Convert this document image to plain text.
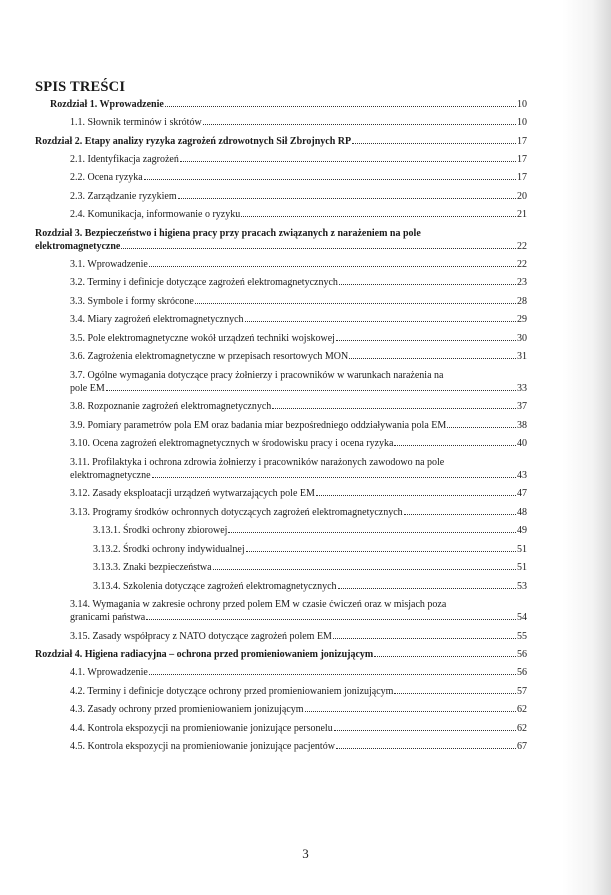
SPIS TREŚCI
Rozdział 1. Wprowadzenie	10
1.1. Słownik terminów i skrótów	10
Rozdział 2. Etapy analizy ryzyka zagrożeń zdrowotnych Sił Zbrojnych RP	17
2.1. Identyfikacja zagrożeń	17
2.2. Ocena ryzyka	17
2.3. Zarządzanie ryzykiem	20
2.4. Komunikacja, informowanie o ryzyku	21
Rozdział 3. Bezpieczeństwo i higiena pracy przy pracach związanych z narażeniem na pole
elektromagnetyczne	22
3.1. Wprowadzenie	22
3.2. Terminy i definicje dotyczące zagrożeń elektromagnetycznych	23
3.3. Symbole i formy skrócone	28
3.4. Miary zagrożeń elektromagnetycznych	29
3.5. Pole elektromagnetyczne wokół urządzeń techniki wojskowej	30
3.6. Zagrożenia elektromagnetyczne w przepisach resortowych MON	31
3.7. Ogólne wymagania dotyczące pracy żołnierzy i pracowników w warunkach narażenia na
pole EM	33
3.8. Rozpoznanie zagrożeń elektromagnetycznych	37
3.9. Pomiary parametrów pola EM oraz badania miar bezpośredniego oddziaływania pola EM	38
3.10. Ocena zagrożeń elektromagnetycznych w środowisku pracy i ocena ryzyka	40
3.11. Profilaktyka i ochrona zdrowia żołnierzy i pracowników narażonych zawodowo na pole
elektromagnetyczne	43
3.12. Zasady eksploatacji urządzeń wytwarzających pole EM	47
3.13. Programy środków ochronnych dotyczących zagrożeń elektromagnetycznych	48
3.13.1. Środki ochrony zbiorowej	49
3.13.2. Środki ochrony indywidualnej	51
3.13.3. Znaki bezpieczeństwa	51
3.13.4. Szkolenia dotyczące zagrożeń elektromagnetycznych	53
3.14. Wymagania w zakresie ochrony przed polem EM w czasie ćwiczeń oraz w misjach poza
granicami państwa	54
3.15. Zasady współpracy z NATO dotyczące zagrożeń polem EM	55
Rozdział 4. Higiena radiacyjna – ochrona przed promieniowaniem jonizującym	56
4.1. Wprowadzenie	56
4.2. Terminy i definicje dotyczące ochrony przed promieniowaniem jonizującym	57
4.3. Zasady ochrony przed promieniowaniem jonizującym	62
4.4. Kontrola ekspozycji na promieniowanie jonizujące personelu	62
4.5. Kontrola ekspozycji na promieniowanie jonizujące pacjentów	67
3
